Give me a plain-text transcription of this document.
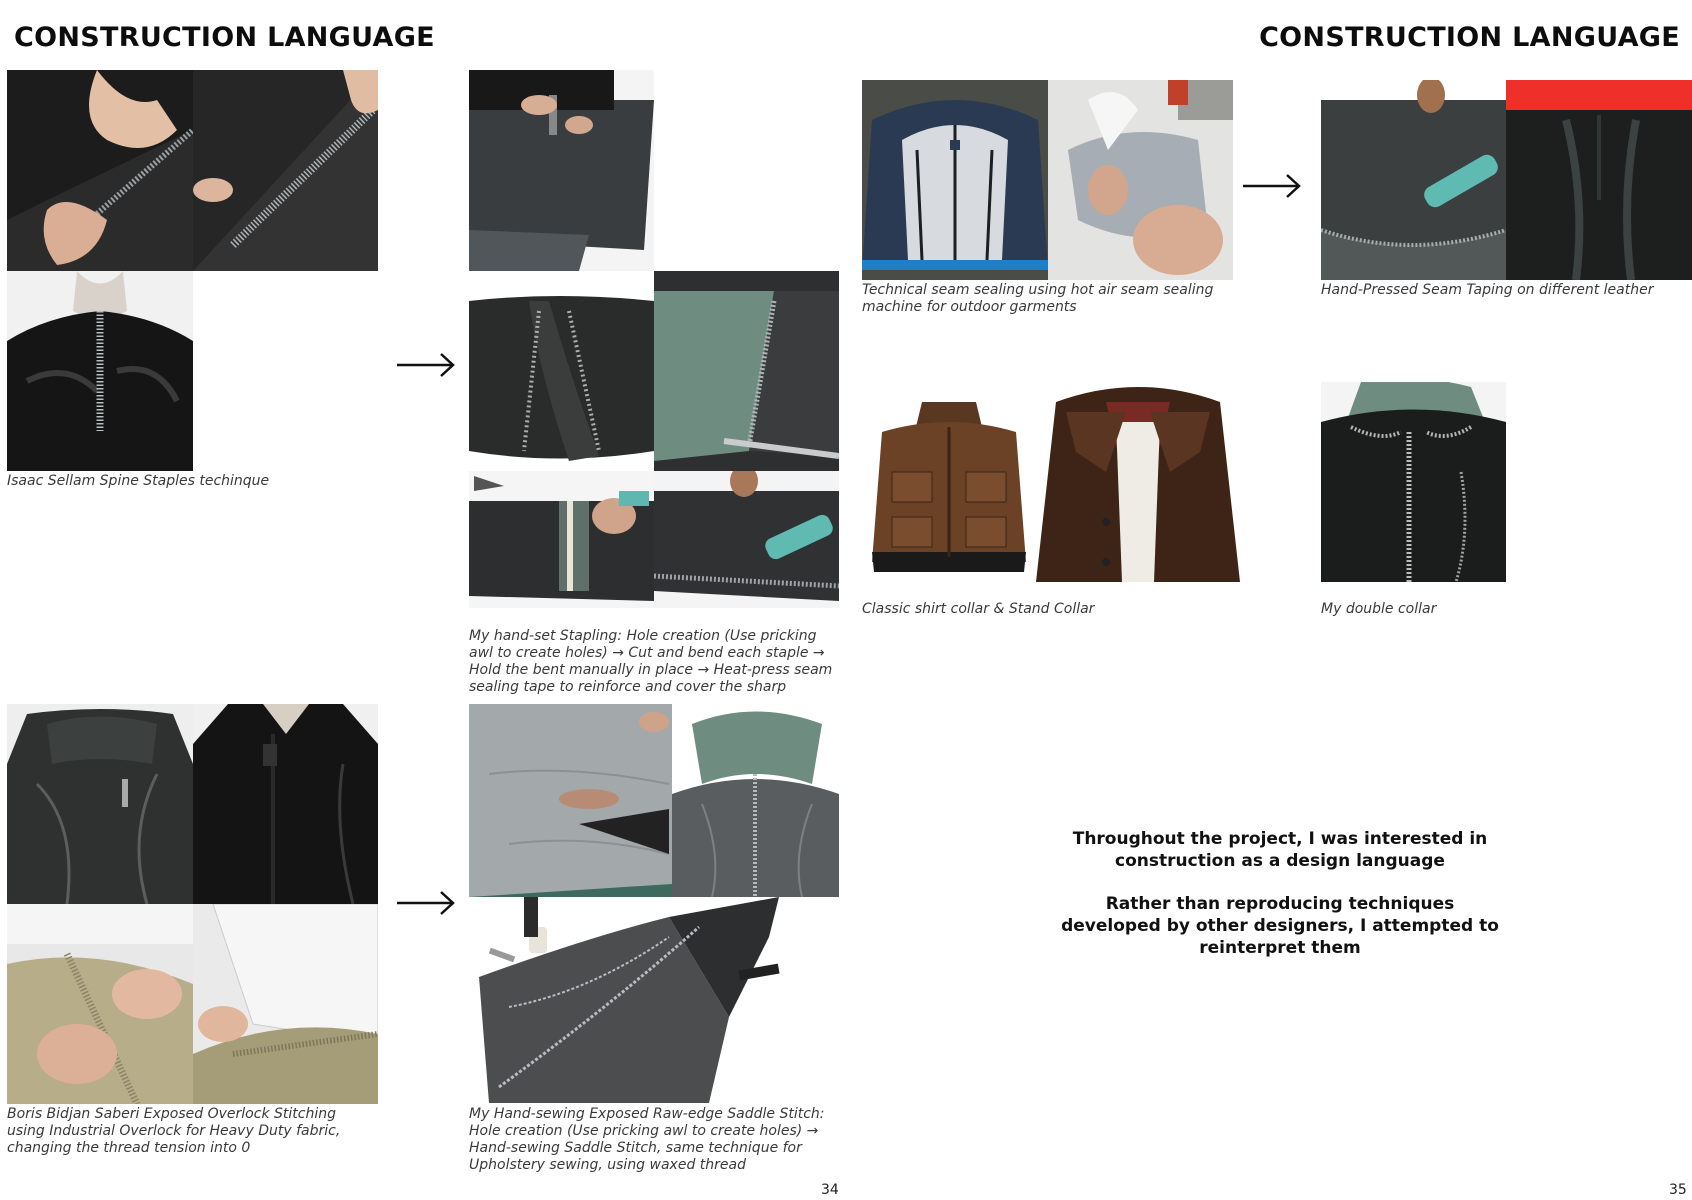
CONSTRUCTION LANGUAGE
Isaac Sellam Spine Staples techinque
My hand-set Stapling: Hole creation (Use pricking awl to create holes) → Cut and bend each staple → Hold the bent manually in place → Heat-press seam sealing tape to reinforce and cover the sharp
Boris Bidjan Saberi Exposed Overlock Stitching using Industrial Overlock for Heavy Duty fabric, changing the thread tension into 0
My Hand-sewing Exposed Raw-edge Saddle Stitch: Hole creation (Use pricking awl to create holes) → Hand-sewing Saddle Stitch, same technique for Upholstery sewing, using waxed thread
34
CONSTRUCTION LANGUAGE
Technical seam sealing using hot air seam sealing machine for outdoor garments
Hand-Pressed Seam Taping on different leather
Classic shirt collar & Stand Collar	My double collar

Throughout the project, I was interested in construction as a design language

Rather than reproducing techniques developed by other designers, I attempted to reinterpret them

35
